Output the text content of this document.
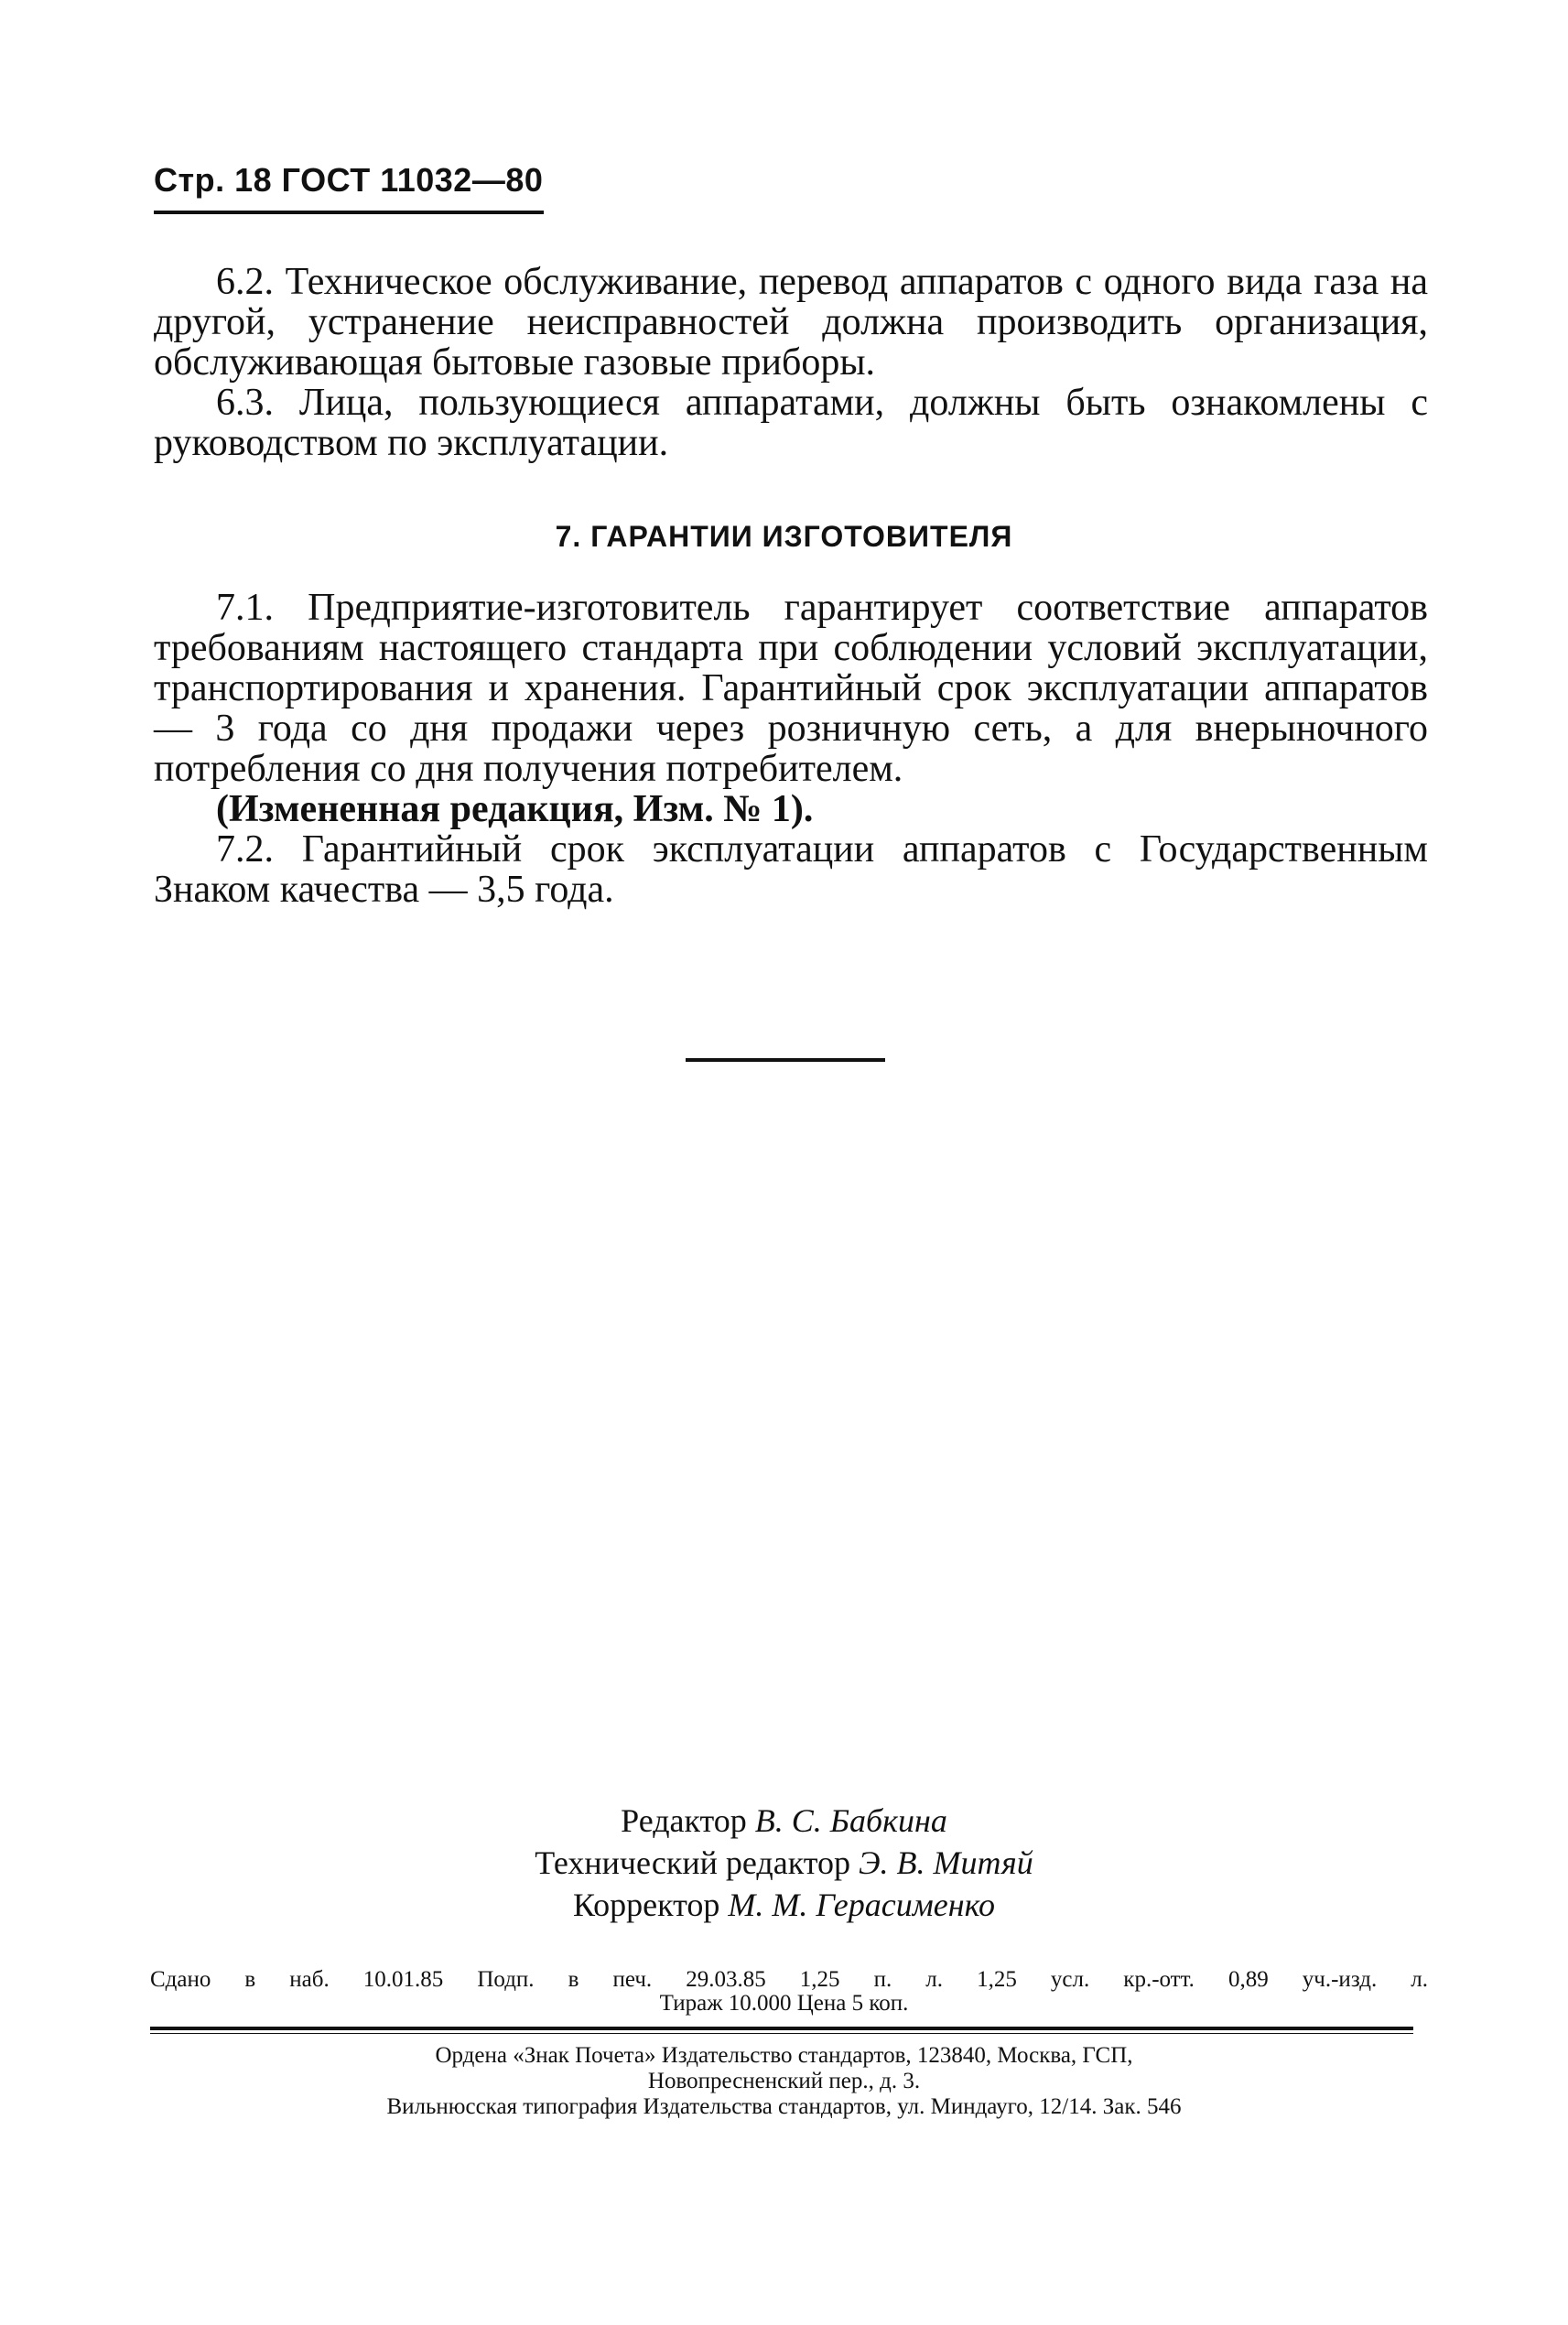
Стр. 18 ГОСТ 11032—80

6.2. Техническое обслуживание, перевод аппаратов с одного вида газа на другой, устранение неисправностей должна производить организация, обслуживающая бытовые газовые приборы.

6.3. Лица, пользующиеся аппаратами, должны быть ознакомлены с руководством по эксплуатации.

7. ГАРАНТИИ ИЗГОТОВИТЕЛЯ

7.1. Предприятие-изготовитель гарантирует соответствие аппаратов требованиям настоящего стандарта при соблюдении условий эксплуатации, транспортирования и хранения. Гарантийный срок эксплуатации аппаратов — 3 года со дня продажи через розничную сеть, а для внерыночного потребления со дня получения потребителем.

(Измененная редакция, Изм. № 1).

7.2. Гарантийный срок эксплуатации аппаратов с Государственным Знаком качества — 3,5 года.

Редактор В. С. Бабкина
Технический редактор Э. В. Митяй
Корректор М. М. Герасименко
Сдано в наб. 10.01.85 Подп. в печ. 29.03.85 1,25 п. л. 1,25 усл. кр.-отт. 0,89 уч.-изд. л.
Тираж 10.000 Цена 5 коп.
Ордена «Знак Почета» Издательство стандартов, 123840, Москва, ГСП,
Новопресненский пер., д. 3.
Вильнюсская типография Издательства стандартов, ул. Миндауго, 12/14. Зак. 546
